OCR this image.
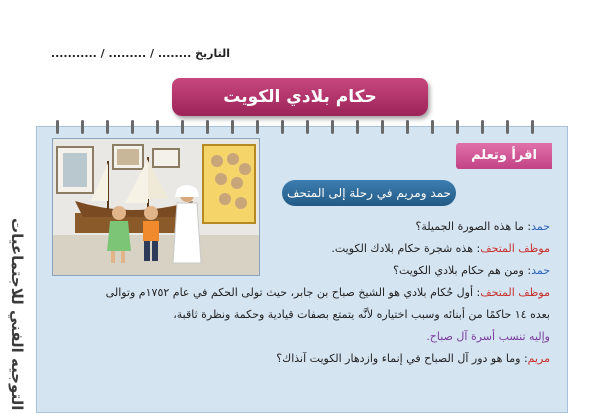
التاريخ ........ / ......... / ...........
حكام بلادي الكويت
التوجيه الفني للاجتماعيات
اقرأ وتعلم
حمد ومريم في رحلة إلى المتحف
حمد: ما هذه الصورة الجميلة؟
موظف المتحف: هذه شجرة حكام بلادك الكويت.
حمد: ومن هم حكام بلادي الكويت؟
موظف المتحف: أول حُكام بلادي هو الشيخ صباح بن جابر، حيث تولى الحكم في عام ١٧٥٢م وتوالى
بعده ١٤ حاكمًا من أبنائه وسبب اختياره لأنَّه يتمتع بصفات قيادية وحكمة ونظرة ثاقبة،
وإليه تنسب أسرة آل صباح.
مريم: وما هو دور آل الصباح في إنماء وازدهار الكويت آنذاك؟
